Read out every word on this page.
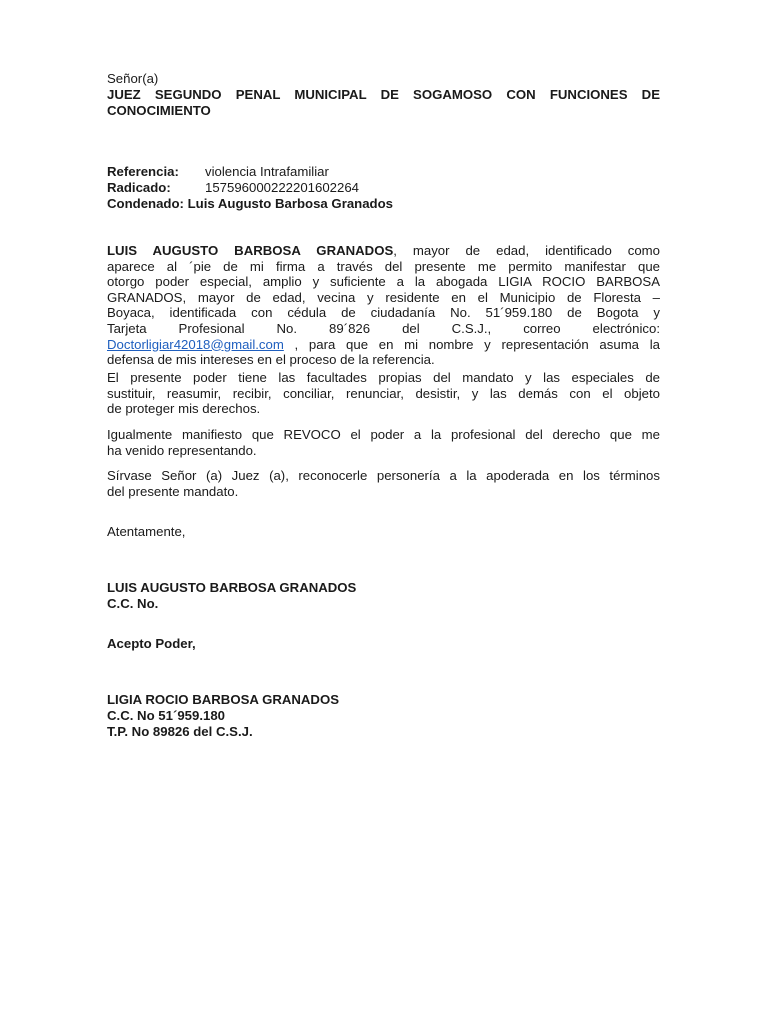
Señor(a)

JUEZ SEGUNDO PENAL MUNICIPAL DE SOGAMOSO CON FUNCIONES DE
CONOCIMIENTO
Referencia:	violencia Intrafamiliar
Radicado:	157596000222201602264
Condenado: Luis Augusto Barbosa Granados
LUIS AUGUSTO BARBOSA GRANADOS, mayor de edad, identificado como
aparece al ´pie de mi firma a través del presente me permito manifestar que
otorgo poder especial, amplio y suficiente a la abogada LIGIA ROCIO BARBOSA
GRANADOS, mayor de edad, vecina y residente en el Municipio de Floresta –
Boyaca, identificada con cédula de ciudadanía No. 51´959.180 de Bogota y
Tarjeta Profesional No. 89´826 del C.S.J., correo electrónico:
Doctorligiar42018@gmail.com , para que en mi nombre y representación asuma la
defensa de mis intereses en el proceso de la referencia.
El presente poder tiene las facultades propias del mandato y las especiales de
sustituir, reasumir, recibir, conciliar, renunciar, desistir, y las demás con el objeto
de proteger mis derechos.
Igualmente manifiesto que REVOCO el poder a la profesional del derecho que me
ha venido representando.
Sírvase Señor (a) Juez (a), reconocerle personería a la apoderada en los términos
del presente mandato.

Atentamente,

LUIS AUGUSTO BARBOSA GRANADOS
C.C. No.

Acepto Poder,

LIGIA ROCIO BARBOSA GRANADOS
C.C. No 51´959.180
T.P. No 89826 del C.S.J.
